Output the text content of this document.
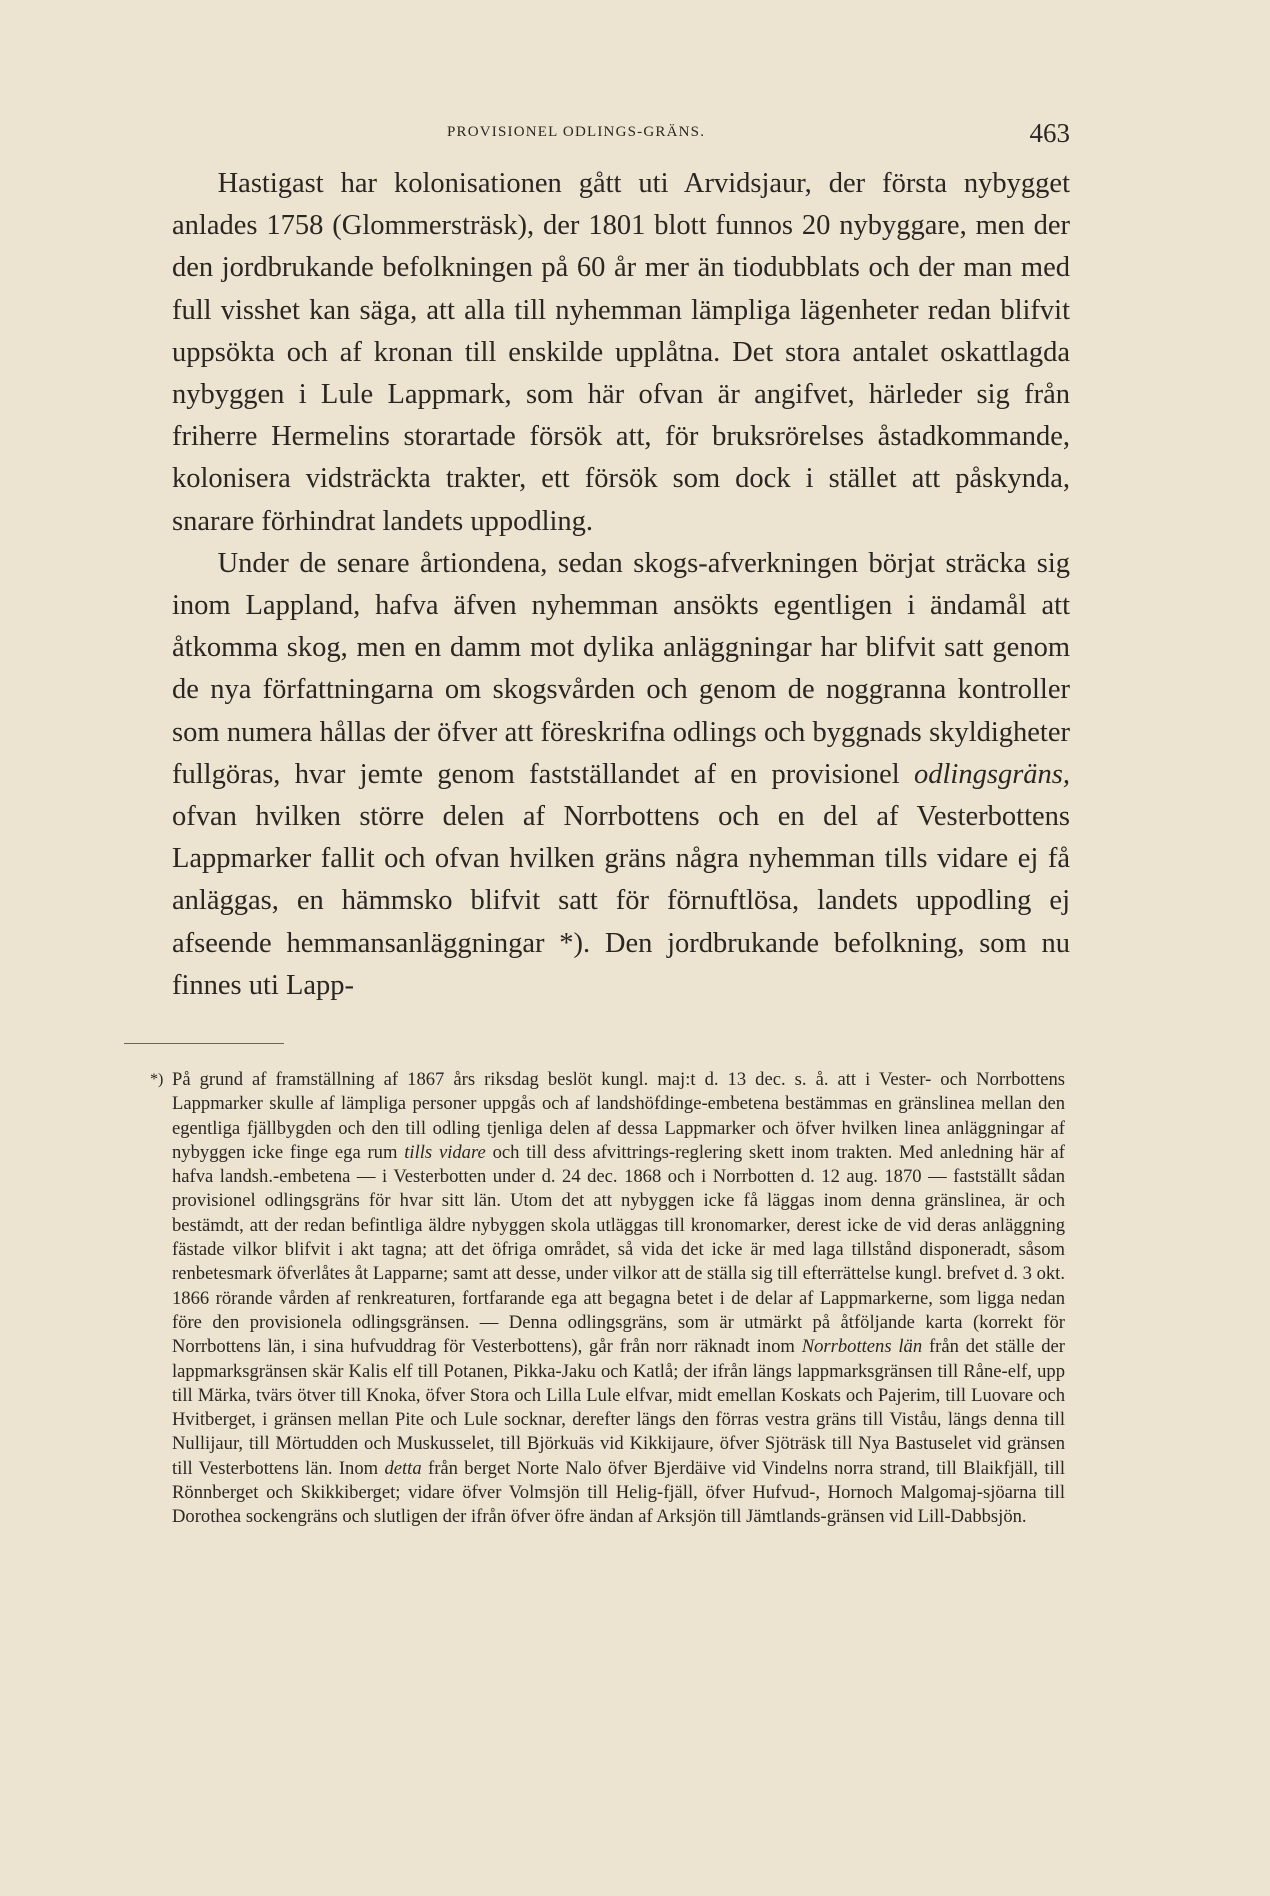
PROVISIONEL ODLINGS-GRÄNS.	463

Hastigast har kolonisationen gått uti Arvidsjaur, der första nybygget anlades 1758 (Glommersträsk), der 1801 blott funnos 20 nybyggare, men der den jordbrukande befolkningen på 60 år mer än tiodubblats och der man med full visshet kan säga, att alla till nyhemman lämpliga lägenheter redan blifvit uppsökta och af kronan till enskilde upplåtna. Det stora antalet oskattlagda nybyggen i Lule Lappmark, som här ofvan är angifvet, härleder sig från friherre Hermelins storartade försök att, för bruksrörelses åstadkommande, kolonisera vidsträckta trakter, ett försök som dock i stället att påskynda, snarare förhindrat landets uppodling.

Under de senare årtiondena, sedan skogs-afverkningen börjat sträcka sig inom Lappland, hafva äfven nyhemman ansökts egentligen i ändamål att åtkomma skog, men en damm mot dylika anläggningar har blifvit satt genom de nya författningarna om skogsvården och genom de noggranna kontroller som numera hållas der öfver att föreskrifna odlings och byggnads skyldigheter fullgöras, hvar jemte genom fastställandet af en provisionel odlingsgräns, ofvan hvilken större delen af Norrbottens och en del af Vesterbottens Lappmarker fallit och ofvan hvilken gräns några nyhemman tills vidare ej få anläggas, en hämmsko blifvit satt för förnuftlösa, landets uppodling ej afseende hemmansanläggningar *). Den jordbrukande befolkning, som nu finnes uti Lapp-

*) På grund af framställning af 1867 års riksdag beslöt kungl. maj:t d. 13 dec. s. å. att i Vester- och Norrbottens Lappmarker skulle af lämpliga personer uppgås och af landshöfdinge-embetena bestämmas en gränslinea mellan den egentliga fjällbygden och den till odling tjenliga delen af dessa Lappmarker och öfver hvilken linea anläggningar af nybyggen icke finge ega rum tills vidare och till dess afvittrings-reglering skett inom trakten. Med anledning här af hafva landsh.-embetena — i Vesterbotten under d. 24 dec. 1868 och i Norrbotten d. 12 aug. 1870 — fastställt sådan provisionel odlingsgräns för hvar sitt län. Utom det att nybyggen icke få läggas inom denna gränslinea, är och bestämdt, att der redan befintliga äldre nybyggen skola utläggas till kronomarker, derest icke de vid deras anläggning fästade vilkor blifvit i akt tagna; att det öfriga området, så vida det icke är med laga tillstånd disponeradt, såsom renbetesmark öfverlåtes åt Lapparne; samt att desse, under vilkor att de ställa sig till efterrättelse kungl. brefvet d. 3 okt. 1866 rörande vården af renkreaturen, fortfarande ega att begagna betet i de delar af Lappmarkerne, som ligga nedan före den provisionela odlingsgränsen. — Denna odlingsgräns, som är utmärkt på åtföljande karta (korrekt för Norrbottens län, i sina hufvuddrag för Vesterbottens), går från norr räknadt inom Norrbottens län från det ställe der lappmarksgränsen skär Kalis elf till Potanen, Pikka-Jaku och Katlå; der ifrån längs lappmarksgränsen till Råne-elf, upp till Märka, tvärs ötver till Knoka, öfver Stora och Lilla Lule elfvar, midt emellan Koskats och Pajerim, till Luovare och Hvitberget, i gränsen mellan Pite och Lule socknar, derefter längs den förras vestra gräns till Viståu, längs denna till Nullijaur, till Mörtudden och Muskusselet, till Björkuäs vid Kikkijaure, öfver Sjöträsk till Nya Bastuselet vid gränsen till Vesterbottens län. Inom detta från berget Norte Nalo öfver Bjerdäive vid Vindelns norra strand, till Blaikfjäll, till Rönnberget och Skikkiberget; vidare öfver Volmsjön till Helig-fjäll, öfver Hufvud-, Hornoch Malgomaj-sjöarna till Dorothea sockengräns och slutligen der ifrån öfver öfre ändan af Arksjön till Jämtlands-gränsen vid Lill-Dabbsjön.
